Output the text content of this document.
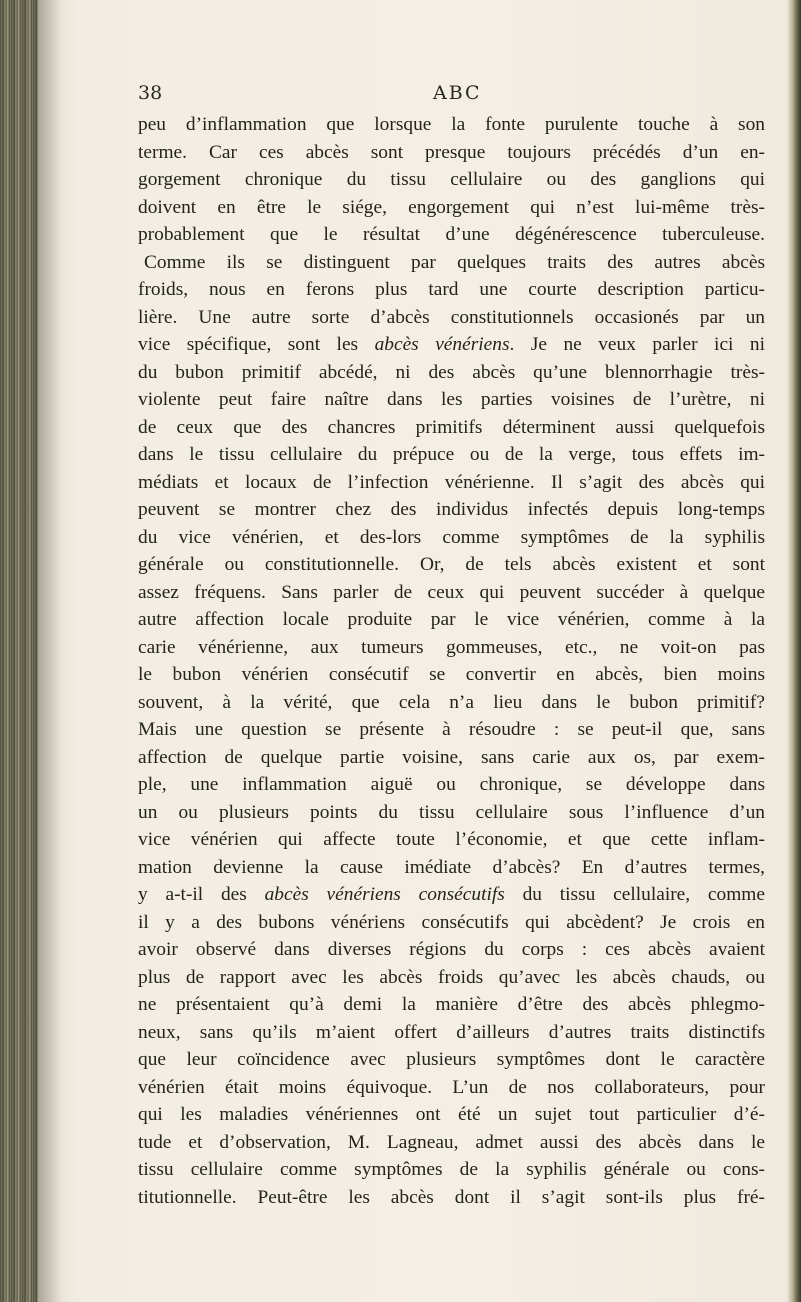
38	ABC
peu d’inflammation que lorsque la fonte purulente touche à son
terme. Car ces abcès sont presque toujours précédés d’un en-
gorgement chronique du tissu cellulaire ou des ganglions qui
doivent en être le siége, engorgement qui n’est lui-même très-
probablement que le résultat d’une dégénérescence tuberculeuse.
Comme ils se distinguent par quelques traits des autres abcès
froids, nous en ferons plus tard une courte description particu-
lière. Une autre sorte d’abcès constitutionnels occasionés par un
vice spécifique, sont les abcès vénériens. Je ne veux parler ici ni
du bubon primitif abcédé, ni des abcès qu’une blennorrhagie très-
violente peut faire naître dans les parties voisines de l’urètre, ni
de ceux que des chancres primitifs déterminent aussi quelquefois
dans le tissu cellulaire du prépuce ou de la verge, tous effets im-
médiats et locaux de l’infection vénérienne. Il s’agit des abcès qui
peuvent se montrer chez des individus infectés depuis long-temps
du vice vénérien, et des-lors comme symptômes de la syphilis
générale ou constitutionnelle. Or, de tels abcès existent et sont
assez fréquens. Sans parler de ceux qui peuvent succéder à quelque
autre affection locale produite par le vice vénérien, comme à la
carie vénérienne, aux tumeurs gommeuses, etc., ne voit-on pas
le bubon vénérien consécutif se convertir en abcès, bien moins
souvent, à la vérité, que cela n’a lieu dans le bubon primitif?
Mais une question se présente à résoudre : se peut-il que, sans
affection de quelque partie voisine, sans carie aux os, par exem-
ple, une inflammation aiguë ou chronique, se développe dans
un ou plusieurs points du tissu cellulaire sous l’influence d’un
vice vénérien qui affecte toute l’économie, et que cette inflam-
mation devienne la cause imédiate d’abcès? En d’autres termes,
y a-t-il des abcès vénériens consécutifs du tissu cellulaire, comme
il y a des bubons vénériens consécutifs qui abcèdent? Je crois en
avoir observé dans diverses régions du corps : ces abcès avaient
plus de rapport avec les abcès froids qu’avec les abcès chauds, ou
ne présentaient qu’à demi la manière d’être des abcès phlegmo-
neux, sans qu’ils m’aient offert d’ailleurs d’autres traits distinctifs
que leur coïncidence avec plusieurs symptômes dont le caractère
vénérien était moins équivoque. L’un de nos collaborateurs, pour
qui les maladies vénériennes ont été un sujet tout particulier d’é-
tude et d’observation, M. Lagneau, admet aussi des abcès dans le
tissu cellulaire comme symptômes de la syphilis générale ou cons-
titutionnelle. Peut-être les abcès dont il s’agit sont-ils plus fré-
